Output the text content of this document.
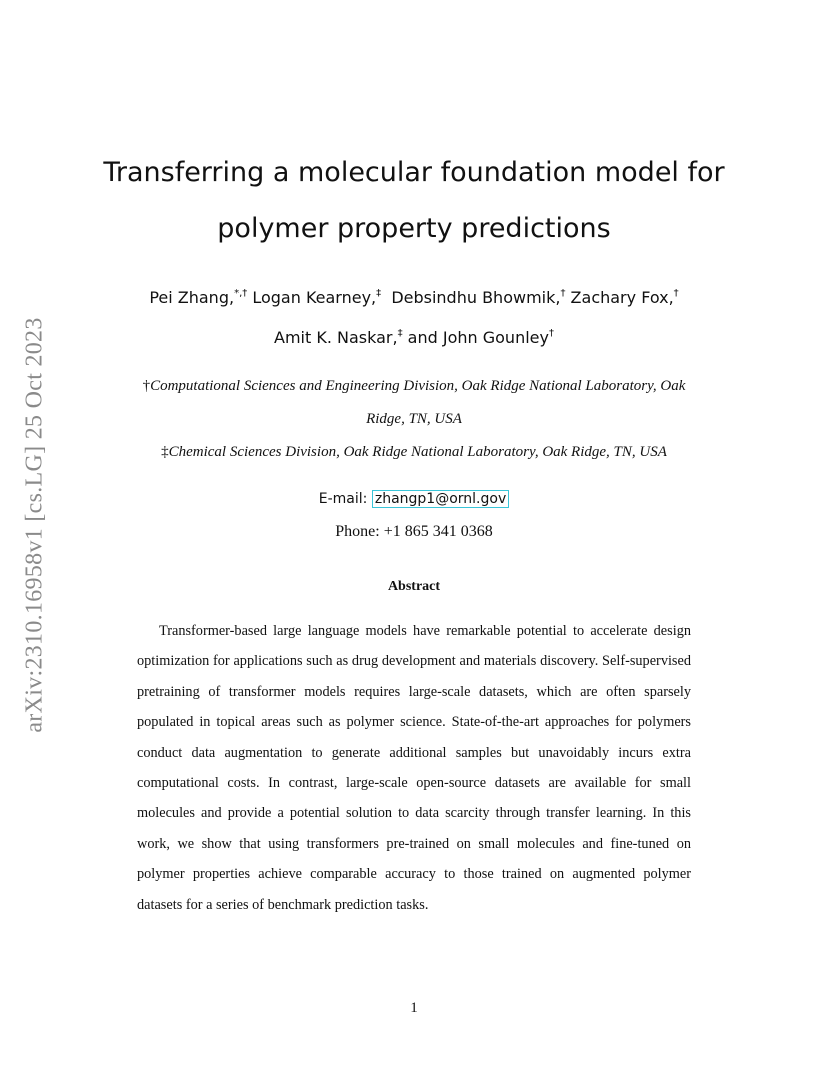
arXiv:2310.16958v1 [cs.LG] 25 Oct 2023
Transferring a molecular foundation model for
polymer property predictions
Pei Zhang,*,† Logan Kearney,‡ Debsindhu Bhowmik,† Zachary Fox,†
Amit K. Naskar,‡ and John Gounley†
†Computational Sciences and Engineering Division, Oak Ridge National Laboratory, Oak
Ridge, TN, USA
‡Chemical Sciences Division, Oak Ridge National Laboratory, Oak Ridge, TN, USA
E-mail: zhangp1@ornl.gov
Phone: +1 865 341 0368
Abstract

Transformer-based large language models have remarkable potential to accelerate design optimization for applications such as drug development and materials discovery. Self-supervised pretraining of transformer models requires large-scale datasets, which are often sparsely populated in topical areas such as polymer science. State-of-the-art approaches for polymers conduct data augmentation to generate additional samples but unavoidably incurs extra computational costs. In contrast, large-scale open-source datasets are available for small molecules and provide a potential solution to data scarcity through transfer learning. In this work, we show that using transformers pre-trained on small molecules and fine-tuned on polymer properties achieve comparable accuracy to those trained on augmented polymer datasets for a series of benchmark prediction tasks.

1
